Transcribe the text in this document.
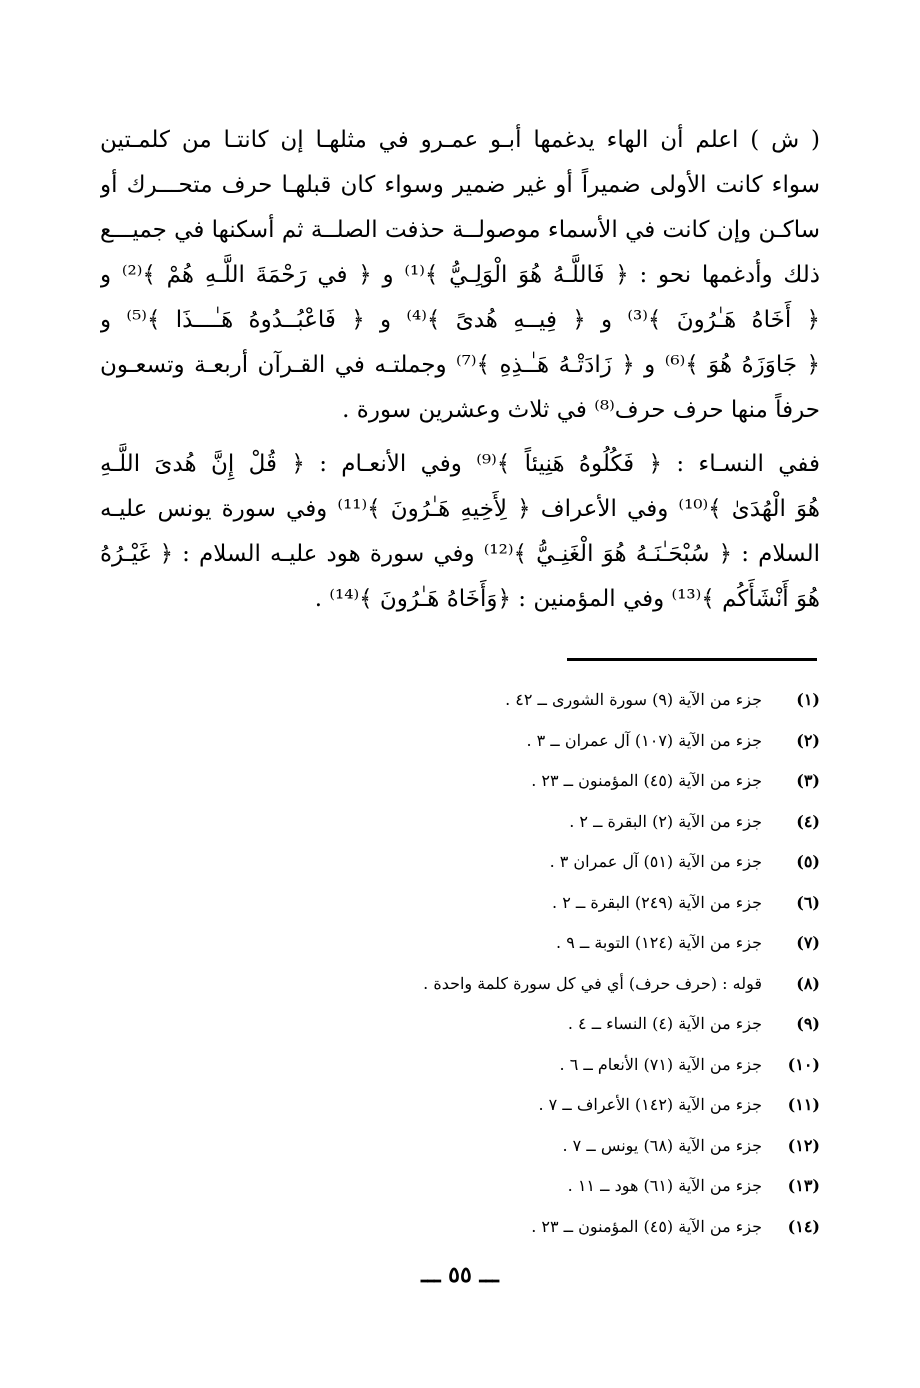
( ش ) اعلم أن الهاء يدغمها أبـو عمـرو في مثلهـا إن كانتـا من كلمـتين
سواء كانت الأولى ضميراً أو غير ضمير وسواء كان قبلهـا حرف متحـــرك أو
ساكـن وإن كانت في الأسماء موصولــة حذفت الصلــة ثم أسكنها في جميـــع
ذلك وأدغمها نحو : ﴿ فَاللَّـهُ هُوَ الْوَلِـيُّ ﴾⁽¹⁾ و ﴿ في رَحْمَةَ اللَّـهِ هُمْ ﴾⁽²⁾ و
﴿ أَخَاهُ هَـٰرُونَ ﴾⁽³⁾ و ﴿ فِيــهِ هُدىً ﴾⁽⁴⁾ و ﴿ فَاعْبُــدُوهُ هَـٰـــذَا ﴾⁽⁵⁾ و
﴿ جَاوَزَهُ هُوَ ﴾⁽⁶⁾ و ﴿ زَادَتْـهُ هَـٰـذِهِ ﴾⁽⁷⁾ وجملتـه في القـرآن أربعـة وتسعـون
حرفاً منها حرف حرف⁽⁸⁾ في ثلاث وعشرين سورة .

ففي النسـاء : ﴿ فَكُلُوهُ هَنِيئاً ﴾⁽⁹⁾ وفي الأنعـام : ﴿ قُلْ إِنَّ هُدىَ اللَّـهِ
هُوَ الْهُدَىٰ ﴾⁽¹⁰⁾ وفي الأعراف ﴿ لِأَخِيهِ هَـٰرُونَ ﴾⁽¹¹⁾ وفي سورة يونس عليـه
السلام : ﴿ سُبْحَـٰنَـهُ هُوَ الْغَنِـيُّ ﴾⁽¹²⁾ وفي سورة هود عليـه السلام : ﴿ غَيْـرُهُ
هُوَ أَنْشَأَكُم ﴾⁽¹³⁾ وفي المؤمنين : ﴿وَأَخَاهُ هَـٰرُونَ ﴾⁽¹⁴⁾ .

(١)
جزء من الآية (٩) سورة الشورى ــ ٤٢ .
(٢)
جزء من الآية (١٠٧) آل عمران ــ ٣ .
(٣)
جزء من الآية (٤٥) المؤمنون ــ ٢٣ .
(٤)
جزء من الآية (٢) البقرة ــ ٢ .
(٥)
جزء من الآية (٥١) آل عمران ٣ .
(٦)
جزء من الآية (٢٤٩) البقرة ــ ٢ .
(٧)
جزء من الآية (١٢٤) التوبة ــ ٩ .
(٨)
قوله : (حرف حرف) أي في كل سورة كلمة واحدة .
(٩)
جزء من الآية (٤) النساء ــ ٤ .
(١٠)
جزء من الآية (٧١) الأنعام ــ ٦ .
(١١)
جزء من الآية (١٤٢) الأعراف ــ ٧ .
(١٢)
جزء من الآية (٦٨) يونس ــ ٧ .
(١٣)
جزء من الآية (٦١) هود ــ ١١ .
(١٤)
جزء من الآية (٤٥) المؤمنون ــ ٢٣ .
ـــ ٥٥ ـــ
